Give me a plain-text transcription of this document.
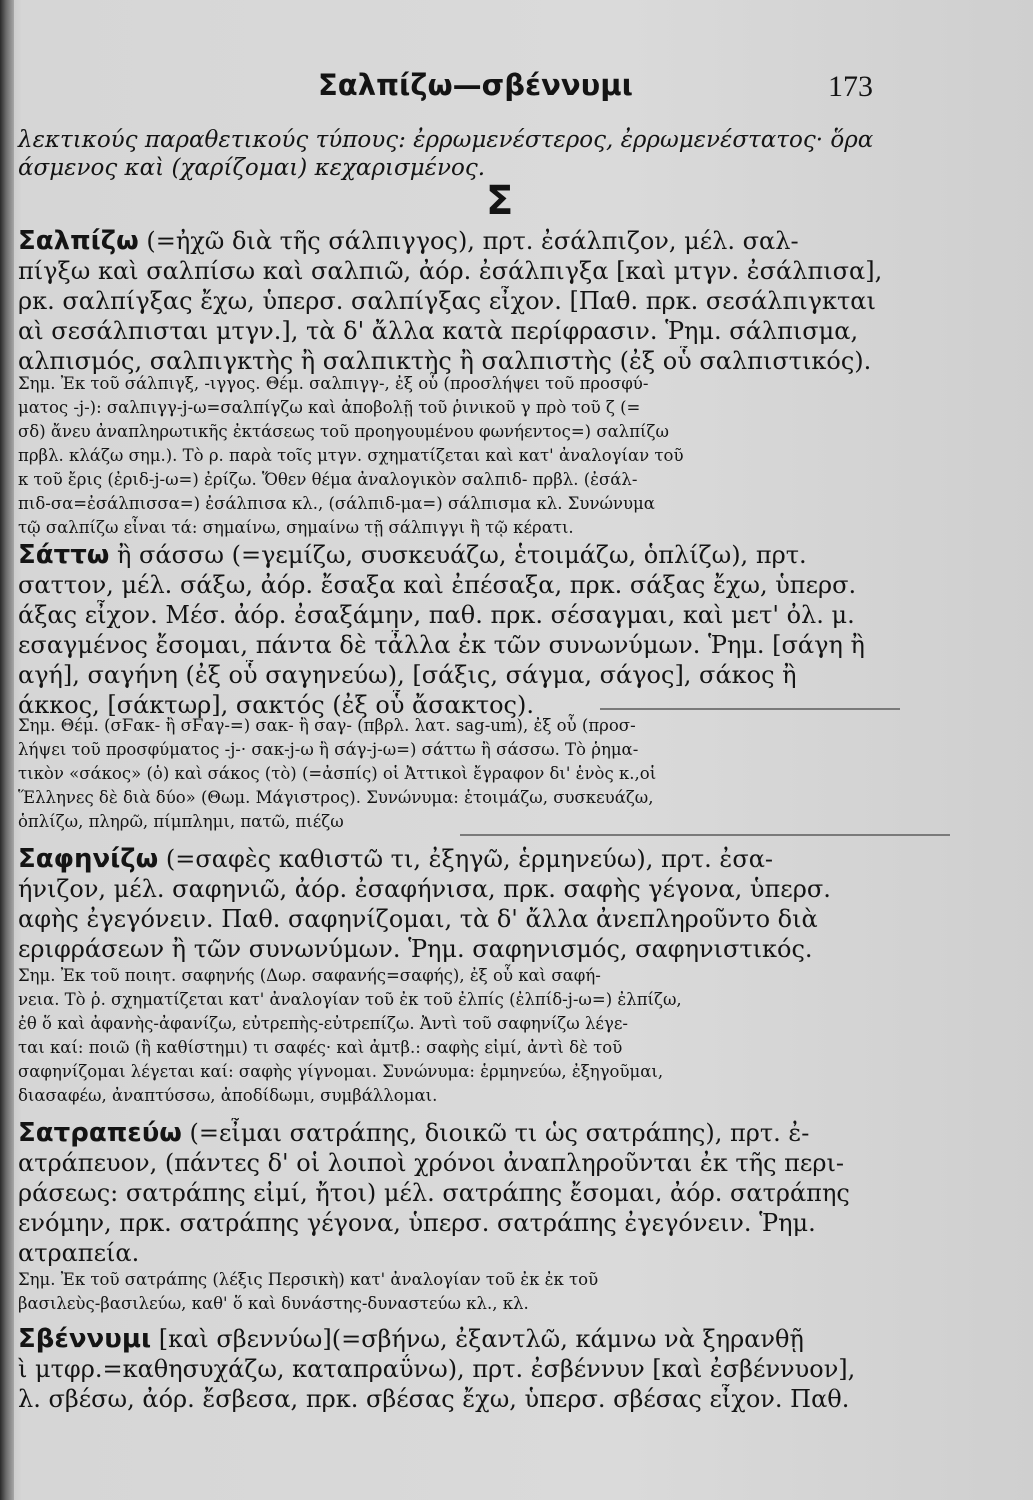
Σαλπίζω—σβέννυμι	173
λεκτικούς παραθετικούς τύπους: ἐρρωμενέστερος, ἐρρωμενέστατος· ὅρα
άσμενος καὶ (χαρίζομαι) κεχαρισμένος.
Σ
Σαλπίζω (=ἠχῶ διὰ τῆς σάλπιγγος), πρτ. ἐσάλπιζον, μέλ. σαλ-
πίγξω καὶ σαλπίσω καὶ σαλπιῶ, ἀόρ. ἐσάλπιγξα [καὶ μτγν. ἐσάλπισα],
ρκ. σαλπίγξας ἔχω, ὑπερσ. σαλπίγξας εἶχον. [Παθ. πρκ. σεσάλπιγκται
αὶ σεσάλπισται μτγν.], τὰ δ' ἄλλα κατὰ περίφρασιν. Ῥημ. σάλπισμα,
αλπισμός, σαλπιγκτὴς ἢ σαλπικτὴς ἢ σαλπιστὴς (ἐξ οὗ σαλπιστικός).
Σημ. Ἐκ τοῦ σάλπιγξ, -ιγγος. Θέμ. σαλπιγγ-, ἐξ οὗ (προσλήψει τοῦ προσφύ-
ματος -j-): σαλπιγγ-j-ω=σαλπίγζω καὶ ἀποβολῇ τοῦ ῥινικοῦ γ πρὸ τοῦ ζ (=
σδ) ἄνευ ἀναπληρωτικῆς ἐκτάσεως τοῦ προηγουμένου φωνήεντος=) σαλπίζω
πρβλ. κλάζω σημ.). Τὸ ρ. παρὰ τοῖς μτγν. σχηματίζεται καὶ κατ' ἀναλογίαν τοῦ
κ τοῦ ἔρις (ἐριδ-j-ω=) ἐρίζω. Ὅθεν θέμα ἀναλογικὸν σαλπιδ- πρβλ. (ἐσάλ-
πιδ-σα=ἐσάλπισσα=) ἐσάλπισα κλ., (σάλπιδ-μα=) σάλπισμα κλ. Συνώνυμα
τῷ σαλπίζω εἶναι τά: σημαίνω, σημαίνω τῇ σάλπιγγι ἢ τῷ κέρατι.
Σάττω ἢ σάσσω (=γεμίζω, συσκευάζω, ἑτοιμάζω, ὁπλίζω), πρτ.
σαττον, μέλ. σάξω, ἀόρ. ἔσαξα καὶ ἐπέσαξα, πρκ. σάξας ἔχω, ὑπερσ.
άξας εἶχον. Μέσ. ἀόρ. ἐσαξάμην, παθ. πρκ. σέσαγμαι, καὶ μετ' ὀλ. μ.
εσαγμένος ἔσομαι, πάντα δὲ τἆλλα ἐκ τῶν συνωνύμων. Ῥημ. [σάγη ἢ
αγή], σαγήνη (ἐξ οὗ σαγηνεύω), [σάξις, σάγμα, σάγος], σάκος ἢ
άκκος, [σάκτωρ], σακτός (ἐξ οὗ ἄσακτος).
Σημ. Θέμ. (σϜακ- ἢ σϜαγ-=) σακ- ἢ σαγ- (πβρλ. λατ. sag-um), ἐξ οὗ (προσ-
λήψει τοῦ προσφύματος -j-· σακ-j-ω ἢ σάγ-j-ω=) σάττω ἢ σάσσω. Τὸ ῥημα-
τικὸν «σάκος» (ὁ) καὶ σάκος (τὸ) (=ἀσπίς) οἱ Ἀττικοὶ ἔγραφον δι' ἑνὸς κ.,οἱ
Ἕλληνες δὲ διὰ δύο» (Θωμ. Μάγιστρος). Συνώνυμα: ἑτοιμάζω, συσκευάζω,
ὁπλίζω, πληρῶ, πίμπλημι, πατῶ, πιέζω
Σαφηνίζω (=σαφὲς καθιστῶ τι, ἐξηγῶ, ἑρμηνεύω), πρτ. ἐσα-
ήνιζον, μέλ. σαφηνιῶ, ἀόρ. ἐσαφήνισα, πρκ. σαφὴς γέγονα, ὑπερσ.
αφὴς ἐγεγόνειν. Παθ. σαφηνίζομαι, τὰ δ' ἄλλα ἀνεπληροῦντο διὰ
εριφράσεων ἢ τῶν συνωνύμων. Ῥημ. σαφηνισμός, σαφηνιστικός.
Σημ. Ἐκ τοῦ ποιητ. σαφηνής (Δωρ. σαφανής=σαφής), ἐξ οὗ καὶ σαφή-
νεια. Τὸ ῥ. σχηματίζεται κατ' ἀναλογίαν τοῦ ἐκ τοῦ ἐλπίς (ἐλπίδ-j-ω=) ἐλπίζω,
ἐθ ὅ καὶ ἀφανὴς-ἀφανίζω, εὐτρεπὴς-εὐτρεπίζω. Ἀντὶ τοῦ σαφηνίζω λέγε-
ται καί: ποιῶ (ἢ καθίστημι) τι σαφές· καὶ ἀμτβ.: σαφὴς εἰμί, ἀντὶ δὲ τοῦ
σαφηνίζομαι λέγεται καί: σαφὴς γίγνομαι. Συνώνυμα: ἑρμηνεύω, ἐξηγοῦμαι,
διασαφέω, ἀναπτύσσω, ἀποδίδωμι, συμβάλλομαι.
Σατραπεύω (=εἶμαι σατράπης, διοικῶ τι ὡς σατράπης), πρτ. ἐ-
ατράπευον, (πάντες δ' οἱ λοιποὶ χρόνοι ἀναπληροῦνται ἐκ τῆς περι-
ράσεως: σατράπης εἰμί, ἤτοι) μέλ. σατράπης ἔσομαι, ἀόρ. σατράπης
ενόμην, πρκ. σατράπης γέγονα, ὑπερσ. σατράπης ἐγεγόνειν. Ῥημ.
ατραπεία.
Σημ. Ἐκ τοῦ σατράπης (λέξις Περσικὴ) κατ' ἀναλογίαν τοῦ ἐκ ἐκ τοῦ
βασιλεὺς-βασιλεύω, καθ' ὅ καὶ δυνάστης-δυναστεύω κλ., κλ.
Σβέννυμι [καὶ σβεννύω](=σβήνω, ἐξαντλῶ, κάμνω νὰ ξηρανθῇ
ὶ μτφρ.=καθησυχάζω, καταπραΰνω), πρτ. ἐσβέννυν [καὶ ἐσβέννυον],
λ. σβέσω, ἀόρ. ἔσβεσα, πρκ. σβέσας ἔχω, ὑπερσ. σβέσας εἶχον. Παθ.
